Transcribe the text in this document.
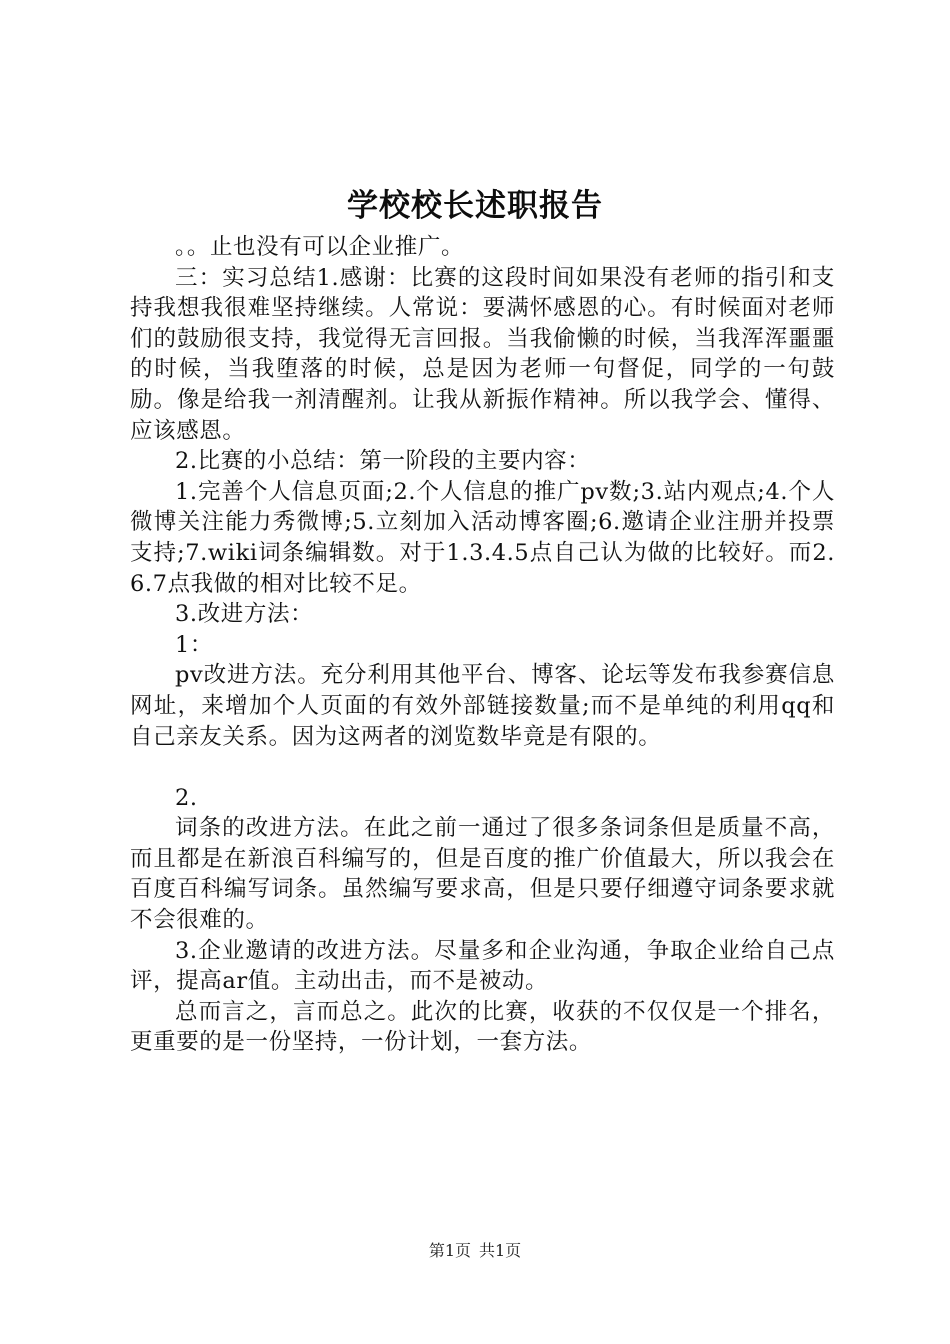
学校校长述职报告

。。止也没有可以企业推广。

三：实习总结1.感谢：比赛的这段时间如果没有老师的指引和支持我想我很难坚持继续。人常说：要满怀感恩的心。有时候面对老师们的鼓励很支持，我觉得无言回报。当我偷懒的时候，当我浑浑噩噩的时候，当我堕落的时候，总是因为老师一句督促，同学的一句鼓励。像是给我一剂清醒剂。让我从新振作精神。所以我学会、懂得、应该感恩。

2.比赛的小总结：第一阶段的主要内容：

1.完善个人信息页面;2.个人信息的推广pv数;3.站内观点;4.个人微博关注能力秀微博;5.立刻加入活动博客圈;6.邀请企业注册并投票支持;7.wiki词条编辑数。对于1.3.4.5点自己认为做的比较好。而2.6.7点我做的相对比较不足。

3.改进方法：

1：

pv改进方法。充分利用其他平台、博客、论坛等发布我参赛信息网址，来增加个人页面的有效外部链接数量;而不是单纯的利用qq和自己亲友关系。因为这两者的浏览数毕竟是有限的。

2.

词条的改进方法。在此之前一通过了很多条词条但是质量不高，而且都是在新浪百科编写的，但是百度的推广价值最大，所以我会在百度百科编写词条。虽然编写要求高，但是只要仔细遵守词条要求就不会很难的。

3.企业邀请的改进方法。尽量多和企业沟通，争取企业给自己点评，提高ar值。主动出击，而不是被动。

总而言之，言而总之。此次的比赛，收获的不仅仅是一个排名，更重要的是一份坚持，一份计划，一套方法。

第1页 共1页
